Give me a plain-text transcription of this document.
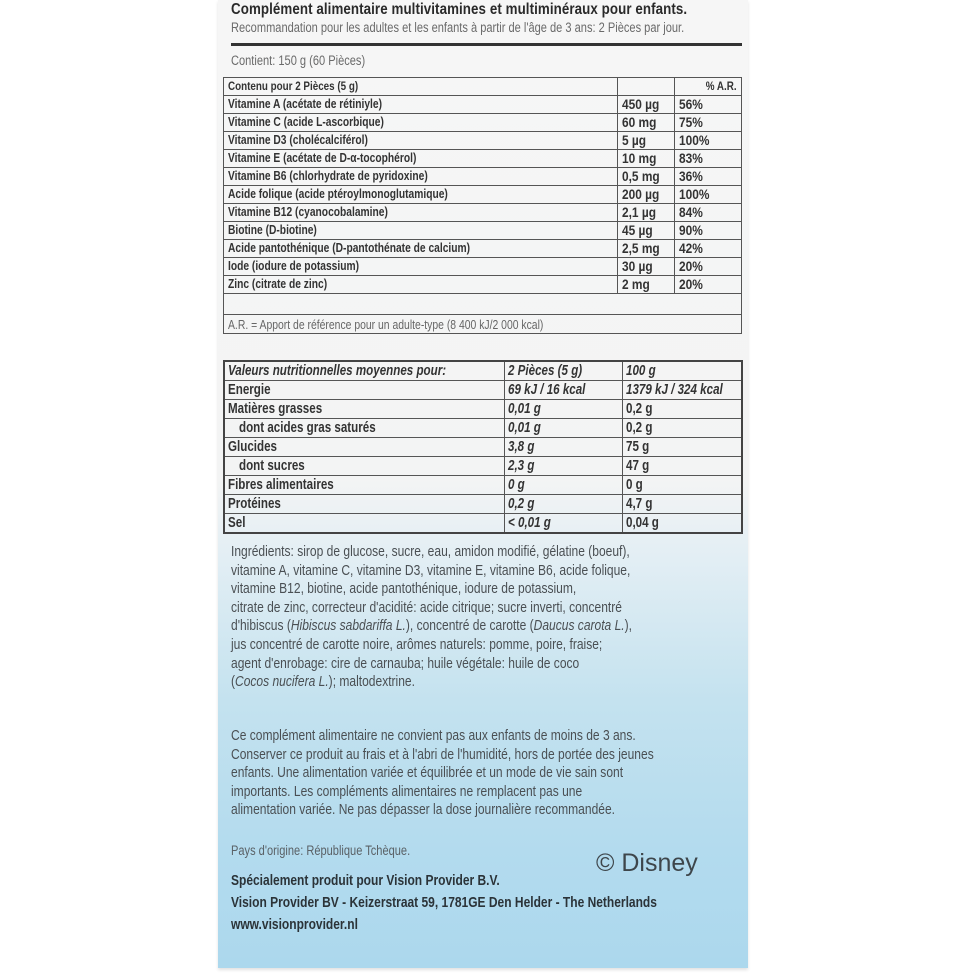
Complément alimentaire multivitamines et multiminéraux pour enfants.
Recommandation pour les adultes et les enfants à partir de l'âge de 3 ans: 2 Pièces par jour.
Contient: 150 g (60 Pièces)
Contenu pour 2 Pièces (5 g)		% A.R.
Vitamine A (acétate de rétiniyle)	450 µg	56%
Vitamine C (acide L-ascorbique)	60 mg	75%
Vitamine D3 (cholécalciférol)	5 µg	100%
Vitamine E (acétate de D-α-tocophérol)	10 mg	83%
Vitamine B6 (chlorhydrate de pyridoxine)	0,5 mg	36%
Acide folique (acide ptéroylmonoglutamique)	200 µg	100%
Vitamine B12 (cyanocobalamine)	2,1 µg	84%
Biotine (D-biotine)	45 µg	90%
Acide pantothénique (D-pantothénate de calcium)	2,5 mg	42%
Iode (iodure de potassium)	30 µg	20%
Zinc (citrate de zinc)	2 mg	20%

A.R. = Apport de référence pour un adulte-type (8 400 kJ/2 000 kcal)		
Valeurs nutritionnelles moyennes pour:	2 Pièces (5 g)	100 g
Energie	69 kJ / 16 kcal	1379 kJ / 324 kcal
Matières grasses	0,01 g	0,2 g
dont acides gras saturés	0,01 g	0,2 g
Glucides	3,8 g	75 g
dont sucres	2,3 g	47 g
Fibres alimentaires	0 g	0 g
Protéines	0,2 g	4,7 g
Sel	< 0,01 g	0,04 g
Ingrédients: sirop de glucose, sucre, eau, amidon modifié, gélatine (boeuf),
vitamine A, vitamine C, vitamine D3, vitamine E, vitamine B6, acide folique,
vitamine B12, biotine, acide pantothénique, iodure de potassium,
citrate de zinc, correcteur d'acidité: acide citrique; sucre inverti, concentré
d'hibiscus (Hibiscus sabdariffa L.), concentré de carotte (Daucus carota L.),
jus concentré de carotte noire, arômes naturels: pomme, poire, fraise;
agent d'enrobage: cire de carnauba; huile végétale: huile de coco
(Cocos nucifera L.); maltodextrine.
Ce complément alimentaire ne convient pas aux enfants de moins de 3 ans.
Conserver ce produit au frais et à l'abri de l'humidité, hors de portée des jeunes
enfants. Une alimentation variée et équilibrée et un mode de vie sain sont
importants. Les compléments alimentaires ne remplacent pas une
alimentation variée. Ne pas dépasser la dose journalière recommandée.
Pays d'origine: République Tchèque.	© Disney
Spécialement produit pour Vision Provider B.V.
Vision Provider BV - Keizerstraat 59, 1781GE Den Helder - The Netherlands
www.visionprovider.nl
